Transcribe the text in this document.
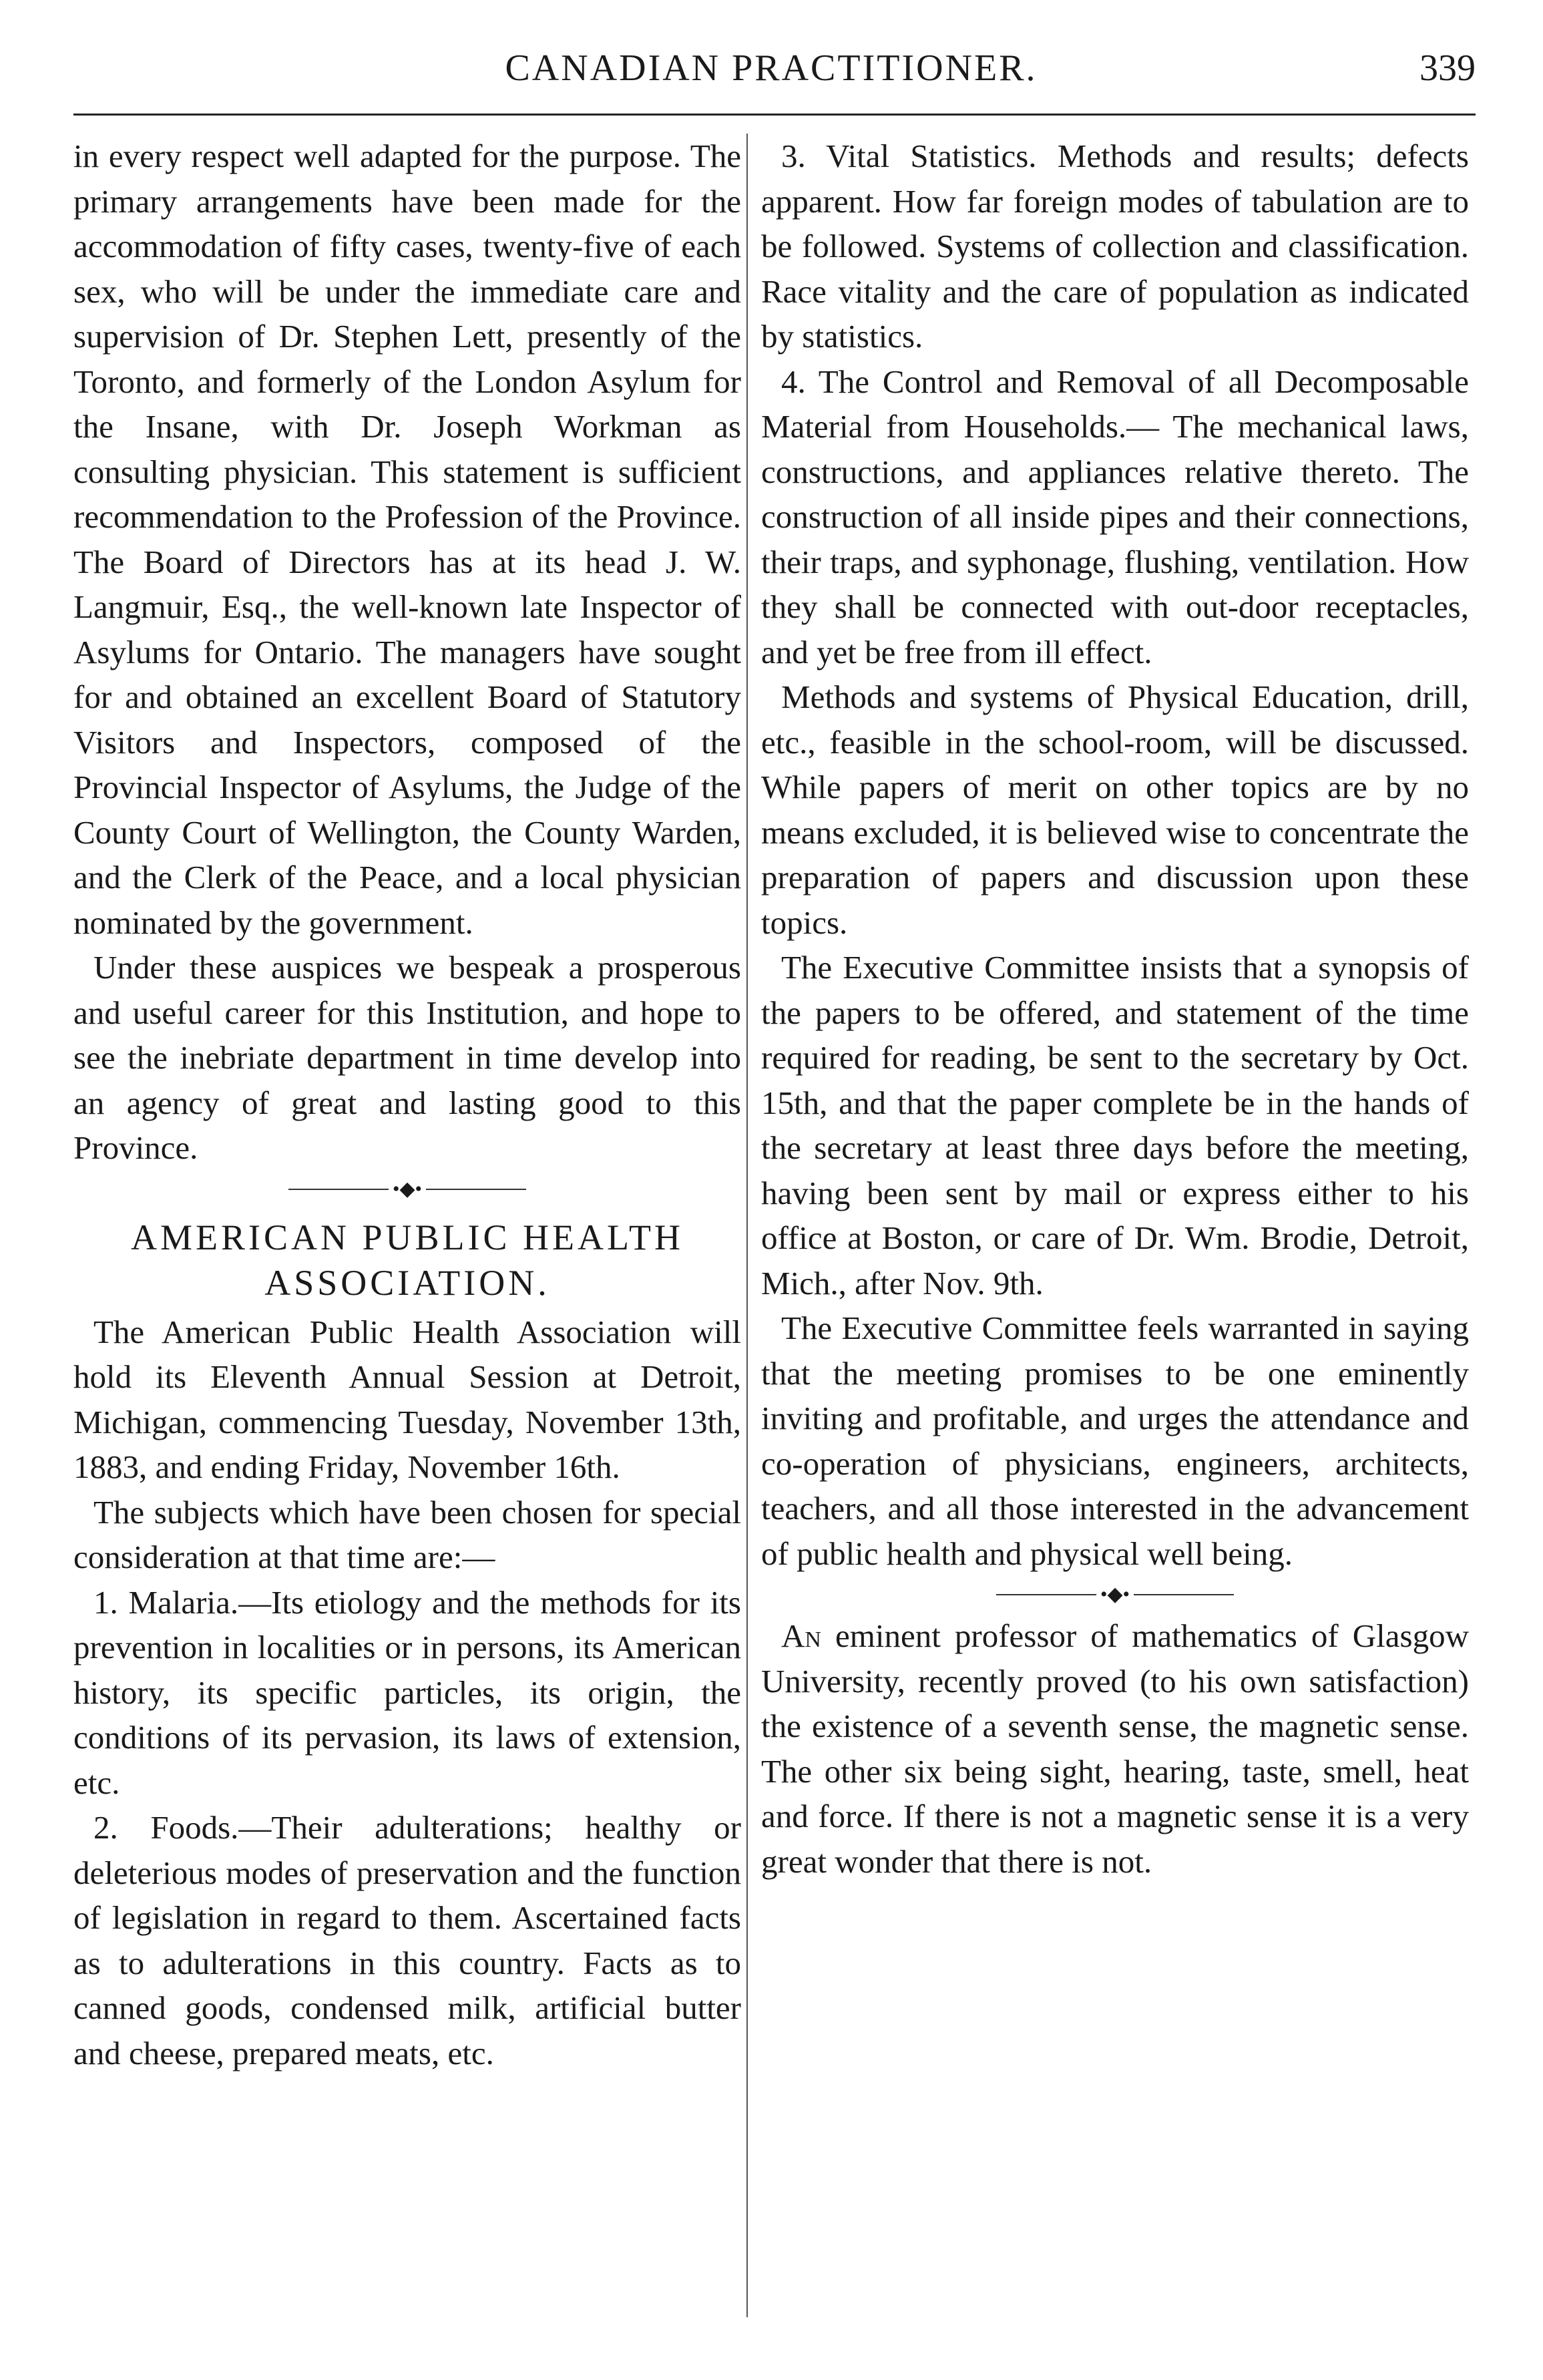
CANADIAN PRACTITIONER.	339

in every respect well adapted for the purpose. The primary arrangements have been made for the accommodation of fifty cases, twenty-five of each sex, who will be under the immediate care and supervision of Dr. Stephen Lett, presently of the Toronto, and formerly of the London Asylum for the Insane, with Dr. Joseph Workman as consulting physician. This statement is sufficient recommendation to the Profession of the Province. The Board of Directors has at its head J. W. Langmuir, Esq., the well-known late Inspector of Asylums for Ontario. The managers have sought for and obtained an excellent Board of Statutory Visitors and Inspectors, composed of the Provincial Inspector of Asylums, the Judge of the County Court of Wellington, the County Warden, and the Clerk of the Peace, and a local physician nominated by the government.

Under these auspices we bespeak a prosperous and useful career for this Institution, and hope to see the inebriate department in time develop into an agency of great and lasting good to this Province.

•◆•
AMERICAN PUBLIC HEALTH
ASSOCIATION.

The American Public Health Association will hold its Eleventh Annual Session at Detroit, Michigan, commencing Tuesday, November 13th, 1883, and ending Friday, November 16th.

The subjects which have been chosen for special consideration at that time are:—

1. Malaria.—Its etiology and the methods for its prevention in localities or in persons, its American history, its specific particles, its origin, the conditions of its pervasion, its laws of extension, etc.

2. Foods.—Their adulterations; healthy or deleterious modes of preservation and the function of legislation in regard to them. Ascertained facts as to adulterations in this country. Facts as to canned goods, condensed milk, artificial butter and cheese, prepared meats, etc.

3. Vital Statistics. Methods and results; defects apparent. How far foreign modes of tabulation are to be followed. Systems of collection and classification. Race vitality and the care of population as indicated by statistics.

4. The Control and Removal of all Decomposable Material from Households.— The mechanical laws, constructions, and appliances relative thereto. The construction of all inside pipes and their connections, their traps, and syphonage, flushing, ventilation. How they shall be connected with out-door receptacles, and yet be free from ill effect.

Methods and systems of Physical Education, drill, etc., feasible in the school-room, will be discussed. While papers of merit on other topics are by no means excluded, it is believed wise to concentrate the preparation of papers and discussion upon these topics.

The Executive Committee insists that a synopsis of the papers to be offered, and statement of the time required for reading, be sent to the secretary by Oct. 15th, and that the paper complete be in the hands of the secretary at least three days before the meeting, having been sent by mail or express either to his office at Boston, or care of Dr. Wm. Brodie, Detroit, Mich., after Nov. 9th.

The Executive Committee feels warranted in saying that the meeting promises to be one eminently inviting and profitable, and urges the attendance and co-operation of physicians, engineers, architects, teachers, and all those interested in the advancement of public health and physical well being.

•◆•

An eminent professor of mathematics of Glasgow University, recently proved (to his own satisfaction) the existence of a seventh sense, the magnetic sense. The other six being sight, hearing, taste, smell, heat and force. If there is not a magnetic sense it is a very great wonder that there is not.
